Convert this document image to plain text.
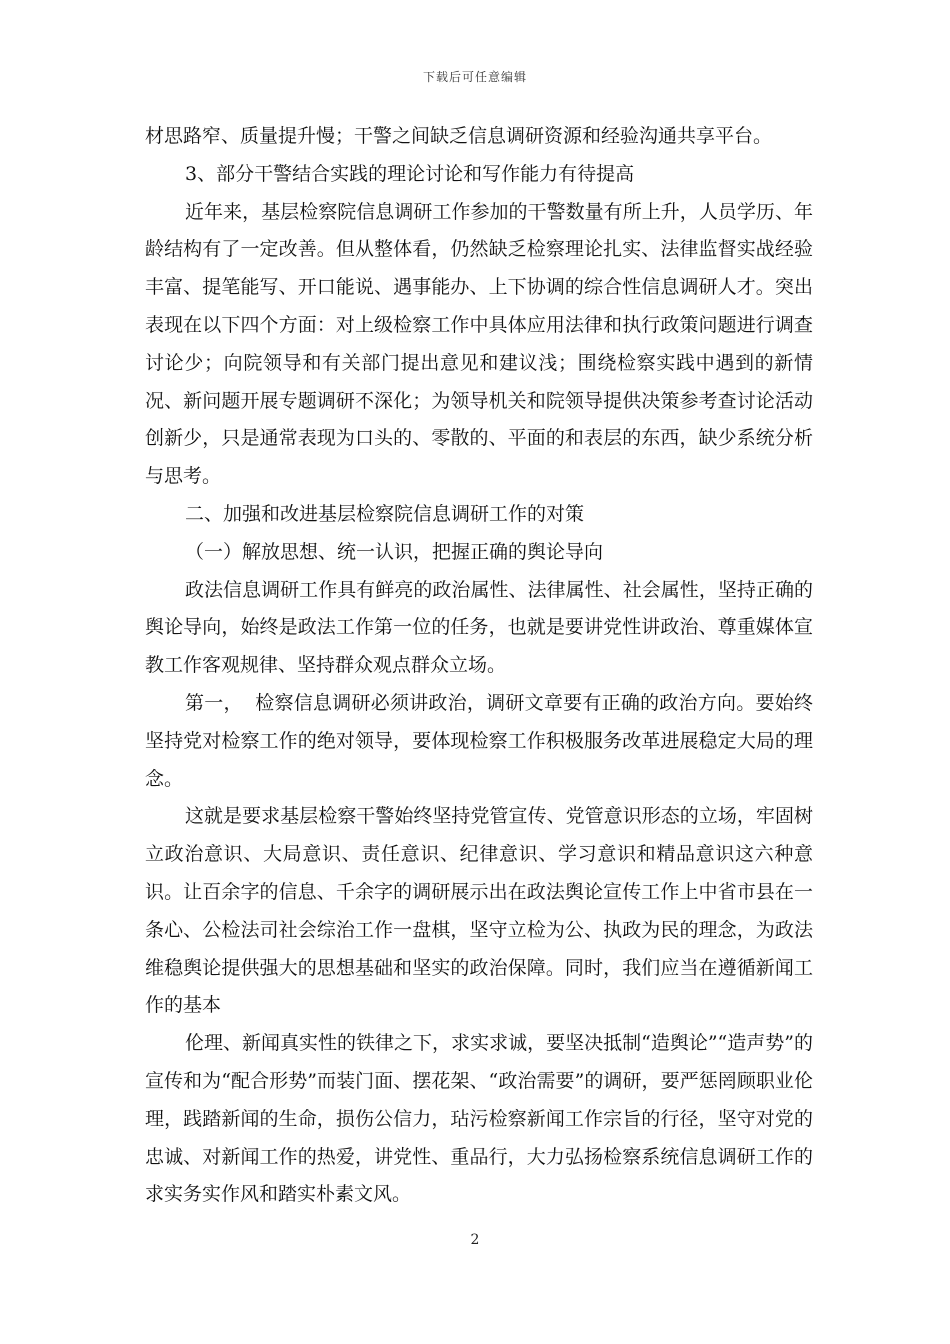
下载后可任意编辑

材思路窄、质量提升慢；干警之间缺乏信息调研资源和经验沟通共享平台。

3、部分干警结合实践的理论讨论和写作能力有待提高

近年来，基层检察院信息调研工作参加的干警数量有所上升，人员学历、年龄结构有了一定改善。但从整体看，仍然缺乏检察理论扎实、法律监督实战经验丰富、提笔能写、开口能说、遇事能办、上下协调的综合性信息调研人才。突出表现在以下四个方面：对上级检察工作中具体应用法律和执行政策问题进行调查讨论少；向院领导和有关部门提出意见和建议浅；围绕检察实践中遇到的新情况、新问题开展专题调研不深化；为领导机关和院领导提供决策参考查讨论活动创新少，只是通常表现为口头的、零散的、平面的和表层的东西，缺少系统分析与思考。

二、加强和改进基层检察院信息调研工作的对策

（一）解放思想、统一认识，把握正确的舆论导向

政法信息调研工作具有鲜亮的政治属性、法律属性、社会属性，坚持正确的舆论导向，始终是政法工作第一位的任务，也就是要讲党性讲政治、尊重媒体宣教工作客观规律、坚持群众观点群众立场。

第一，  检察信息调研必须讲政治，调研文章要有正确的政治方向。要始终坚持党对检察工作的绝对领导，要体现检察工作积极服务改革进展稳定大局的理念。

这就是要求基层检察干警始终坚持党管宣传、党管意识形态的立场，牢固树立政治意识、大局意识、责任意识、纪律意识、学习意识和精品意识这六种意识。让百余字的信息、千余字的调研展示出在政法舆论宣传工作上中省市县在一条心、公检法司社会综治工作一盘棋，坚守立检为公、执政为民的理念，为政法维稳舆论提供强大的思想基础和坚实的政治保障。同时，我们应当在遵循新闻工作的基本

伦理、新闻真实性的铁律之下，求实求诚，要坚决抵制“造舆论”“造声势”的宣传和为“配合形势”而装门面、摆花架、“政治需要”的调研，要严惩罔顾职业伦理，践踏新闻的生命，损伤公信力，玷污检察新闻工作宗旨的行径，坚守对党的忠诚、对新闻工作的热爱，讲党性、重品行，大力弘扬检察系统信息调研工作的求实务实作风和踏实朴素文风。

2
